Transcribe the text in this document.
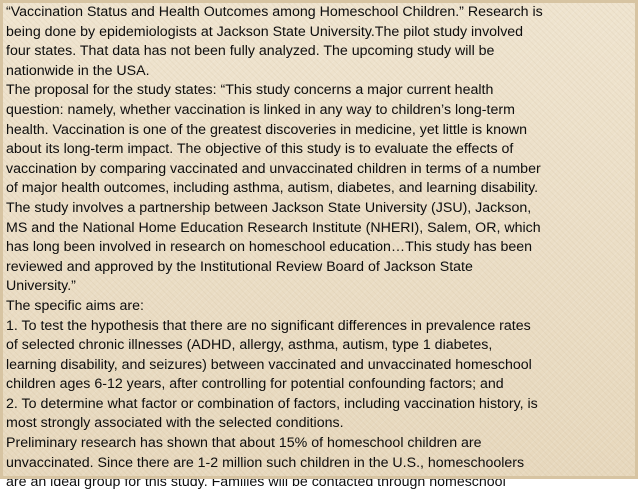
“Vaccination Status and Health Outcomes among Homeschool Children.” Research is
being done by epidemiologists at Jackson State University.The pilot study involved
four states. That data has not been fully analyzed. The upcoming study will be
nationwide in the USA.
The proposal for the study states: “This study concerns a major current health
question: namely, whether vaccination is linked in any way to children’s long-term
health. Vaccination is one of the greatest discoveries in medicine, yet little is known
about its long-term impact. The objective of this study is to evaluate the effects of
vaccination by comparing vaccinated and unvaccinated children in terms of a number
of major health outcomes, including asthma, autism, diabetes, and learning disability.
The study involves a partnership between Jackson State University (JSU), Jackson,
MS and the National Home Education Research Institute (NHERI), Salem, OR, which
has long been involved in research on homeschool education…This study has been
reviewed and approved by the Institutional Review Board of Jackson State
University.”
The specific aims are:
1. To test the hypothesis that there are no significant differences in prevalence rates
of selected chronic illnesses (ADHD, allergy, asthma, autism, type 1 diabetes,
learning disability, and seizures) between vaccinated and unvaccinated homeschool
children ages 6-12 years, after controlling for potential confounding factors; and
2. To determine what factor or combination of factors, including vaccination history, is
most strongly associated with the selected conditions.
Preliminary research has shown that about 15% of homeschool children are
unvaccinated. Since there are 1-2 million such children in the U.S., homeschoolers
are an ideal group for this study. Families will be contacted through homeschool
